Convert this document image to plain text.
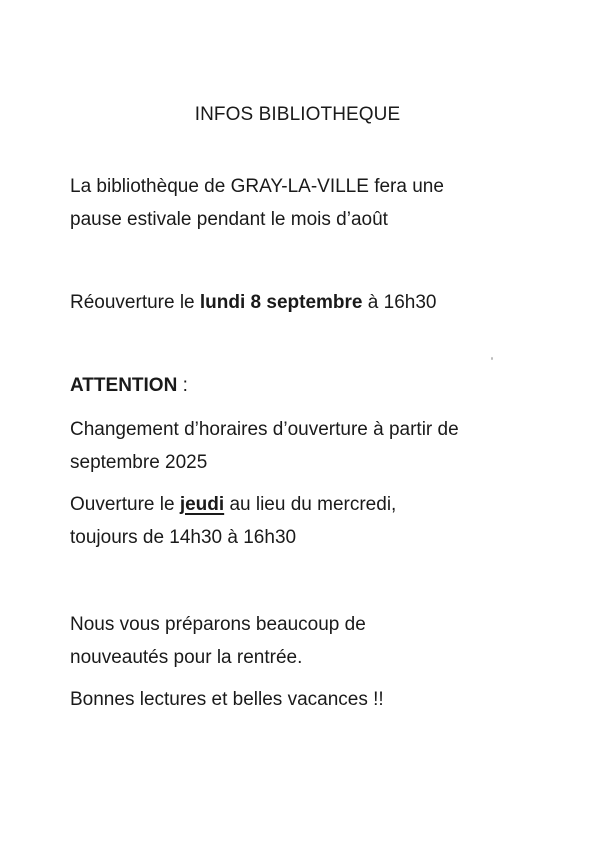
INFOS BIBLIOTHEQUE
La bibliothèque de GRAY-LA-VILLE fera une
pause estivale pendant le mois d’août
Réouverture le lundi 8 septembre à 16h30
ATTENTION :
Changement d’horaires d’ouverture à partir de
septembre 2025
Ouverture le jeudi au lieu du mercredi,
toujours de 14h30 à 16h30
Nous vous préparons beaucoup de
nouveautés pour la rentrée.
Bonnes lectures et belles vacances !!
